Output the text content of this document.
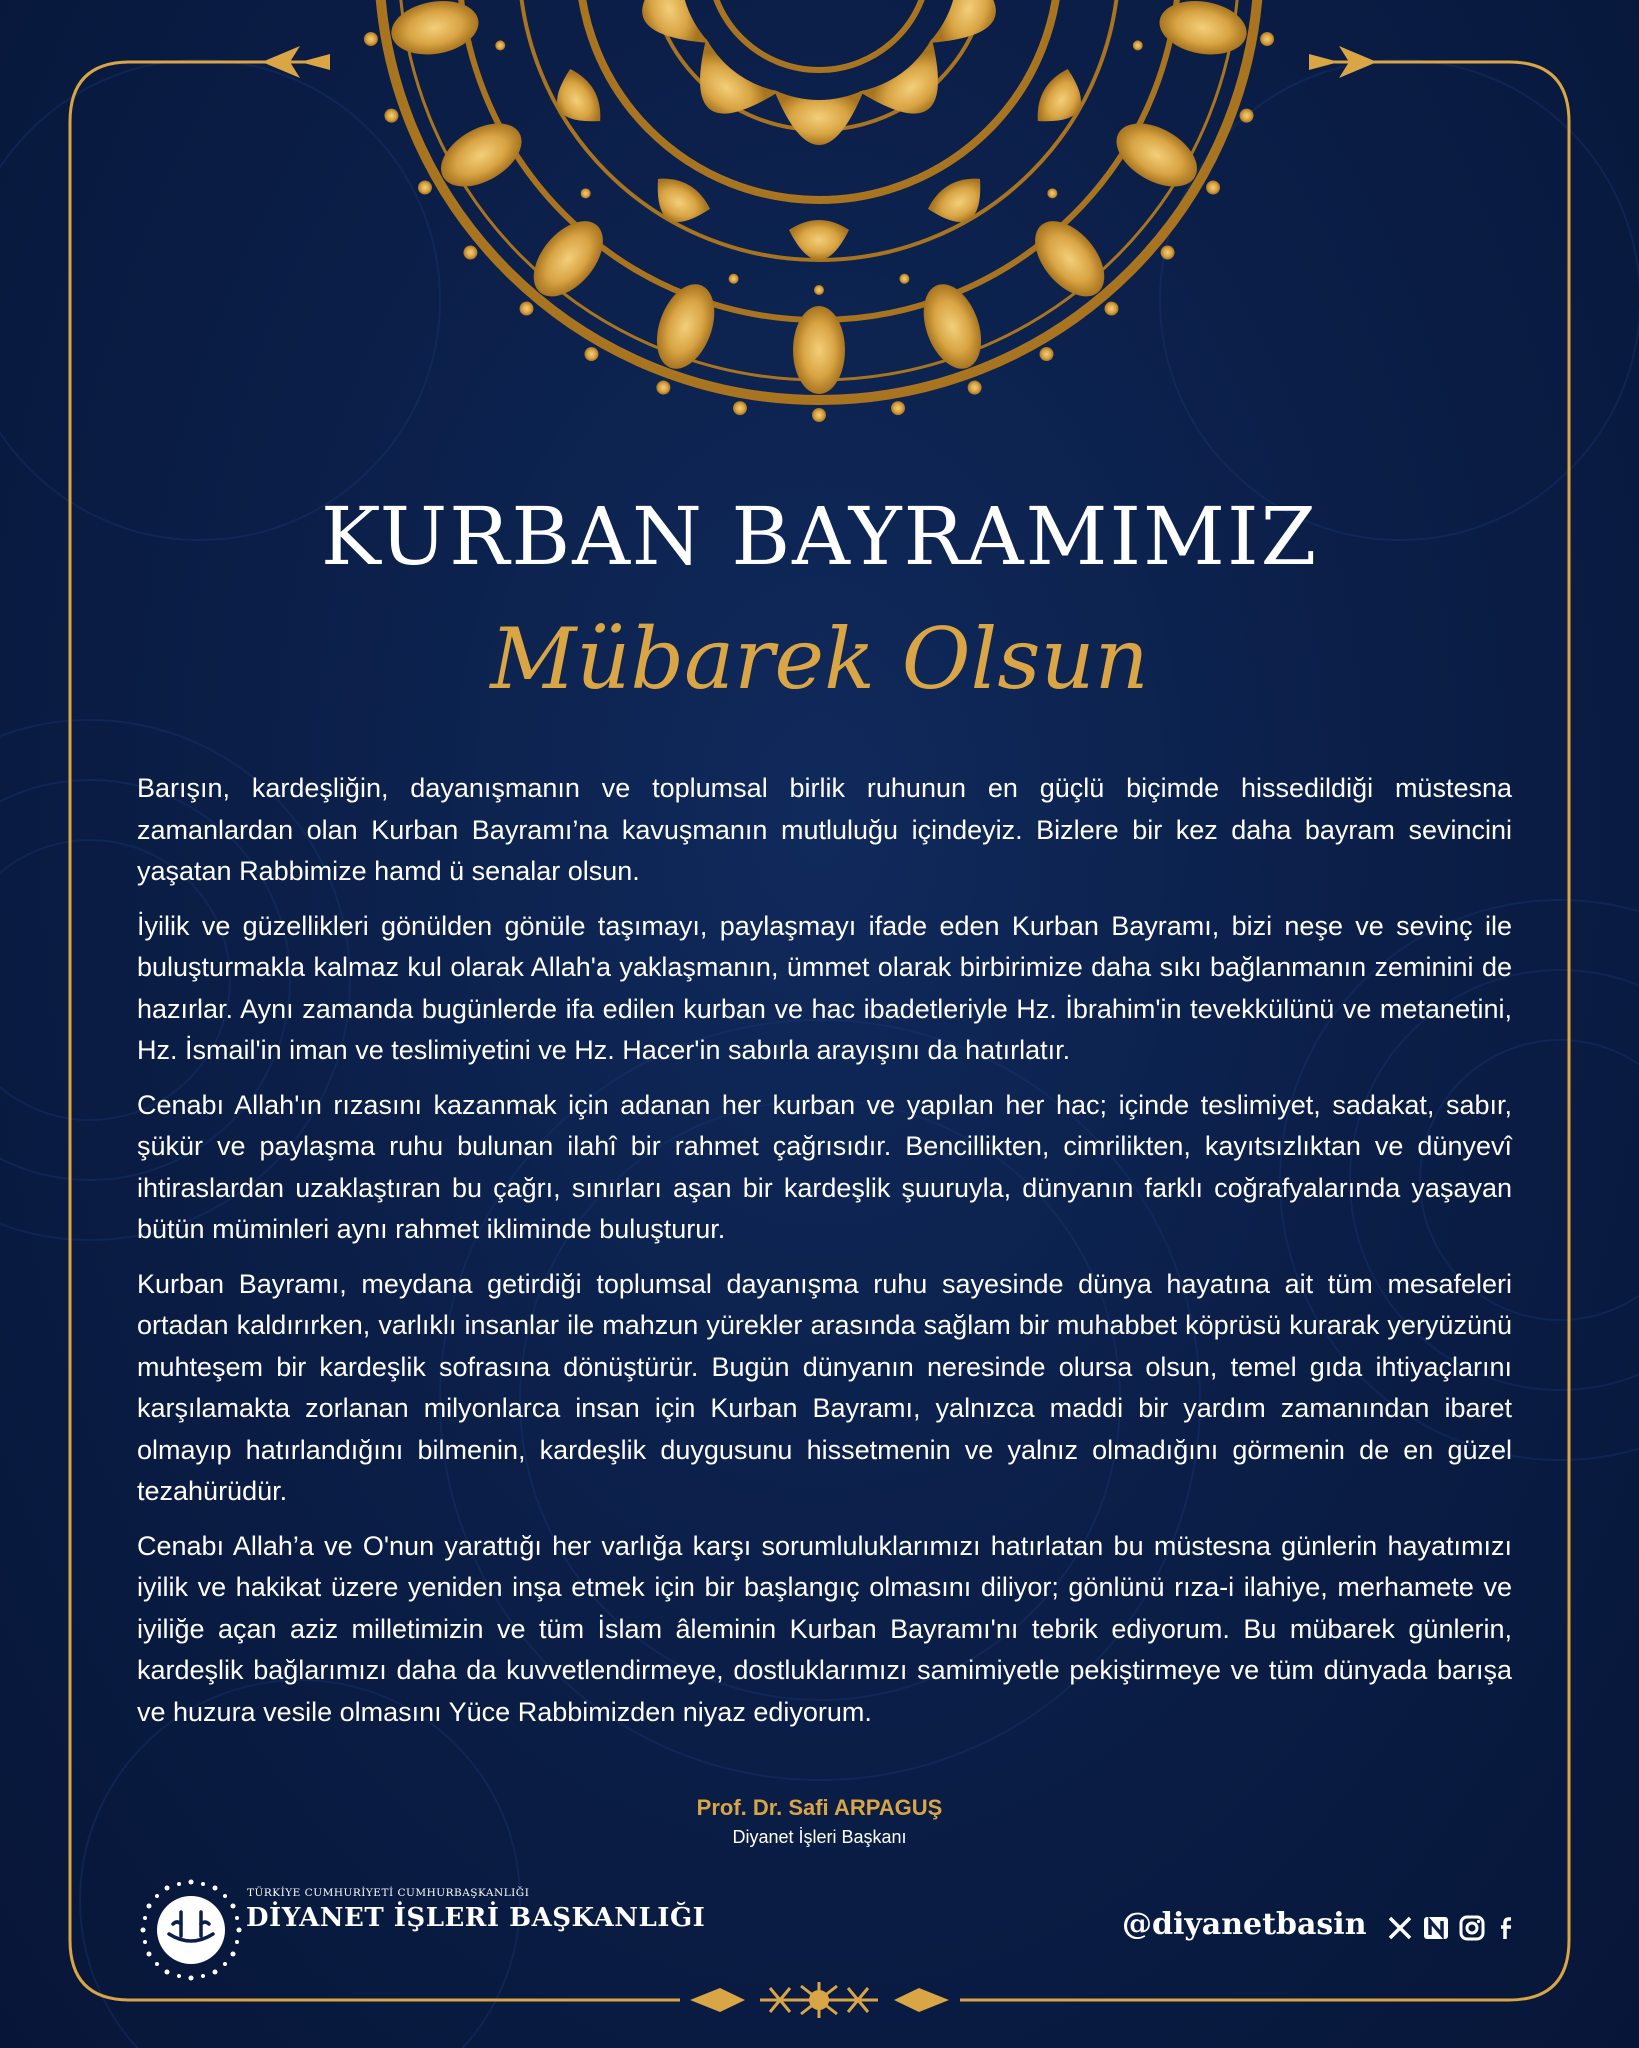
KURBAN BAYRAMIMIZ
Mübarek Olsun

Barışın, kardeşliğin, dayanışmanın ve toplumsal birlik ruhunun en güçlü biçimde hissedildiği müstesna zamanlardan olan Kurban Bayramı’na kavuşmanın mutluluğu içindeyiz. Bizlere bir kez daha bayram sevincini yaşatan Rabbimize hamd ü senalar olsun.

İyilik ve güzellikleri gönülden gönüle taşımayı, paylaşmayı ifade eden Kurban Bayramı, bizi neşe ve sevinç ile buluşturmakla kalmaz kul olarak Allah'a yaklaşmanın, ümmet olarak birbirimize daha sıkı bağlanmanın zeminini de hazırlar. Aynı zamanda bugünlerde ifa edilen kurban ve hac ibadetleriyle Hz. İbrahim'in tevekkülünü ve metanetini, Hz. İsmail'in iman ve teslimiyetini ve Hz. Hacer'in sabırla arayışını da hatırlatır.

Cenabı Allah'ın rızasını kazanmak için adanan her kurban ve yapılan her hac; içinde teslimiyet, sadakat, sabır, şükür ve paylaşma ruhu bulunan ilahî bir rahmet çağrısıdır. Bencillikten, cimrilikten, kayıtsızlıktan ve dünyevî ihtiraslardan uzaklaştıran bu çağrı, sınırları aşan bir kardeşlik şuuruyla, dünyanın farklı coğrafyalarında yaşayan bütün müminleri aynı rahmet ikliminde buluşturur.

Kurban Bayramı, meydana getirdiği toplumsal dayanışma ruhu sayesinde dünya hayatına ait tüm mesafeleri ortadan kaldırırken, varlıklı insanlar ile mahzun yürekler arasında sağlam bir muhabbet köprüsü kurarak yeryüzünü muhteşem bir kardeşlik sofrasına dönüştürür. Bugün dünyanın neresinde olursa olsun, temel gıda ihtiyaçlarını karşılamakta zorlanan milyonlarca insan için Kurban Bayramı, yalnızca maddi bir yardım zamanından ibaret olmayıp hatırlandığını bilmenin, kardeşlik duygusunu hissetmenin ve yalnız olmadığını görmenin de en güzel tezahürüdür.

Cenabı Allah’a ve O'nun yarattığı her varlığa karşı sorumluluklarımızı hatırlatan bu müstesna günlerin hayatımızı iyilik ve hakikat üzere yeniden inşa etmek için bir başlangıç olmasını diliyor; gönlünü rıza-i ilahiye, merhamete ve iyiliğe açan aziz milletimizin ve tüm İslam âleminin Kurban Bayramı'nı tebrik ediyorum. Bu mübarek günlerin, kardeşlik bağlarımızı daha da kuvvetlendirmeye, dostluklarımızı samimiyetle pekiştirmeye ve tüm dünyada barışa ve huzura vesile olmasını Yüce Rabbimizden niyaz ediyorum.

Prof. Dr. Safi ARPAGUŞ
Diyanet İşleri Başkanı
TÜRKİYE CUMHURİYETİ CUMHURBAŞKANLIĞI
DİYANET İŞLERİ BAŞKANLIĞI	@diyanetbasin
